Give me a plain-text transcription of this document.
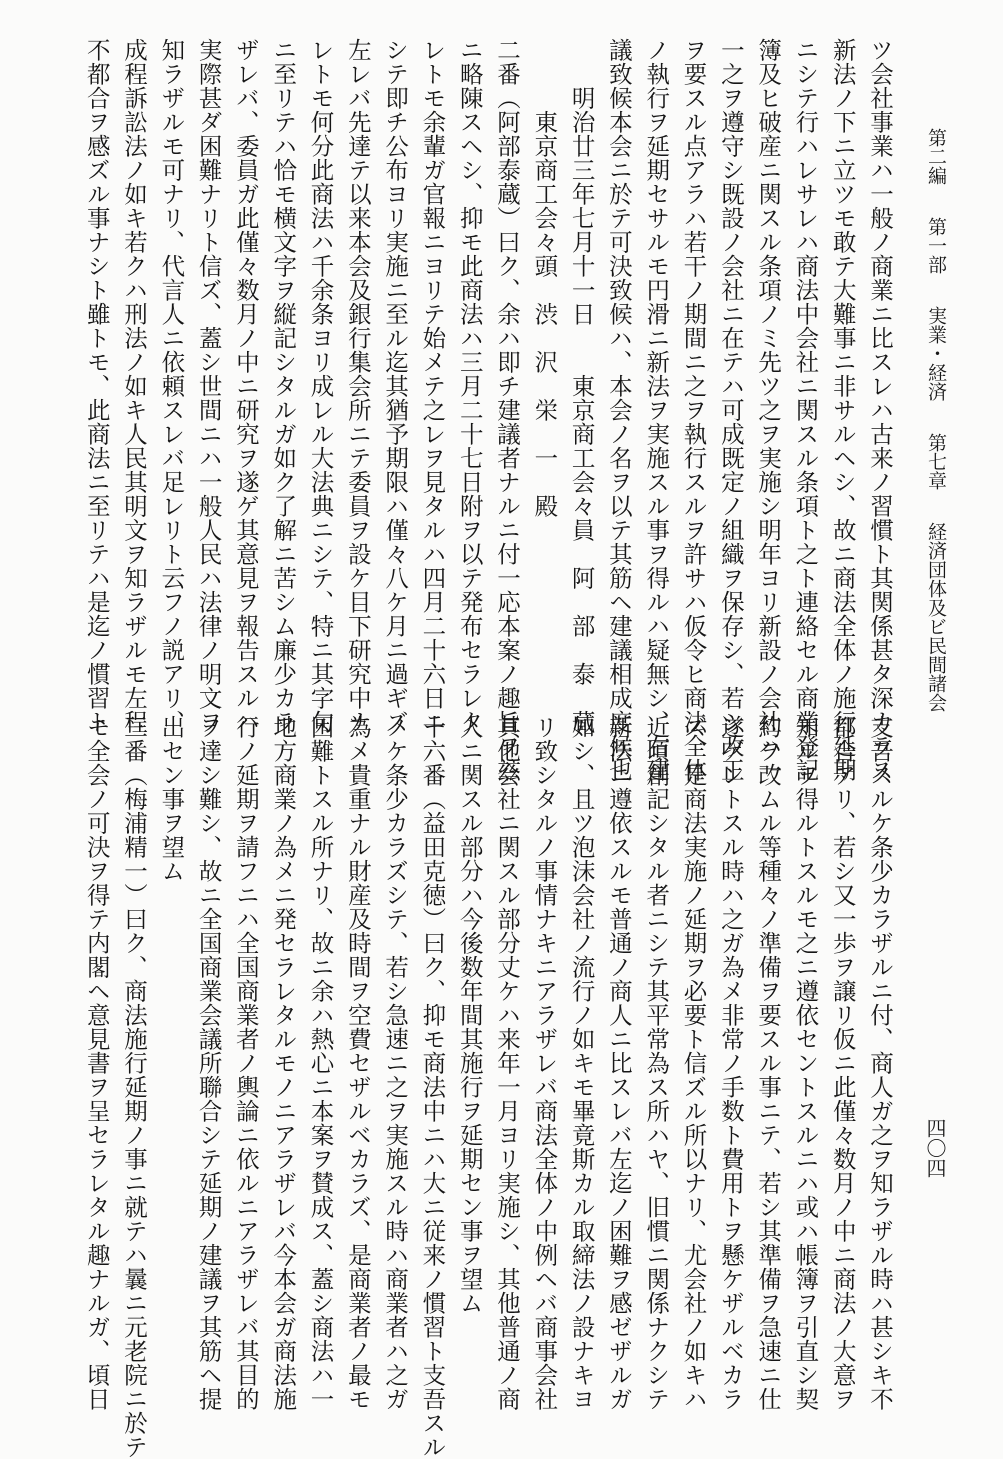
第二編 第一部 実業・経済 第七章 経済団体及ビ民間諸会
四〇四
ツ会社事業ハ一般ノ商業ニ比スレハ古来ノ習慣ト其関係甚タ深カラス
新法ノ下ニ立ツモ敢テ大難事ニ非サルヘシ、故ニ商法全体ノ施行延期
ニシテ行ハレサレハ商法中会社ニ関スル条項ト之ト連絡セル商業登記
簿及ヒ破産ニ関スル条項ノミ先ツ之ヲ実施シ明年ヨリ新設ノ会社ハ一
一之ヲ遵守シ既設ノ会社ニ在テハ可成既定ノ組織ヲ保存シ、若シ改正
ヲ要スル点アラハ若干ノ期間ニ之ヲ執行スルヲ許サハ仮令ヒ商法全体
ノ執行ヲ延期セサルモ円滑ニ新法ヲ実施スル事ヲ得ルハ疑無シ、右建
議致候本会ニ於テ可決致候ハ、本会ノ名ヲ以テ其筋ヘ建議相成度候也
　　明治廿三年七月十一日　　東京商工会々員　阿　部　泰　蔵
　　　東京商工会々頭　渋　沢　栄　一　殿
二番（阿部泰蔵）曰ク、余ハ即チ建議者ナルニ付一応本案ノ趣旨ヲ玆
ニ略陳スヘシ、抑モ此商法ハ三月二十七日附ヲ以テ発布セラレタ
レトモ余輩ガ官報ニヨリテ始メテ之レヲ見タルハ四月二十六日ニ
シテ即チ公布ヨリ実施ニ至ル迄其猶予期限ハ僅々八ケ月ニ過ギズ
左レバ先達テ以来本会及銀行集会所ニテ委員ヲ設ケ目下研究中ナ
レトモ何分此商法ハ千余条ヨリ成レル大法典ニシテ、特ニ其字句
ニ至リテハ恰モ横文字ヲ縦記シタルガ如ク了解ニ苦シム廉少カラ
ザレバ、委員ガ此僅々数月ノ中ニ研究ヲ遂ゲ其意見ヲ報告スルハ
実際甚ダ困難ナリト信ズ、蓋シ世間ニハ一般人民ハ法律ノ明文ヲ
知ラザルモ可ナリ、代言人ニ依頼スレバ足レリト云フノ説アリ、
成程訴訟法ノ如キ若クハ刑法ノ如キ人民其明文ヲ知ラザルモ左程
不都合ヲ感ズル事ナシト雖トモ、此商法ニ至リテハ是迄ノ慣習ト
支吾スルケ条少カラザルニ付、商人ガ之ヲ知ラザル時ハ甚シキ不
都合アリ、若シ又一歩ヲ譲リ仮ニ此僅々数月ノ中ニ商法ノ大意ヲ
知ルヲ得ルトスルモ之ニ遵依セントスルニハ或ハ帳簿ヲ引直シ契
約ヲ改ムル等種々ノ準備ヲ要スル事ニテ、若シ其準備ヲ急速ニ仕
遂ゲントスル時ハ之ガ為メ非常ノ手数ト費用トヲ懸ケザルベカラ
ズ、是商法実施ノ延期ヲ必要ト信ズル所以ナリ、尤会社ノ如キハ
近頃創記シタル者ニシテ其平常為ス所ハヤ、旧慣ニ関係ナクシテ
新法ニ遵依スルモ普通ノ商人ニ比スレバ左迄ノ困難ヲ感ゼザルガ
如シ、且ツ泡沫会社ノ流行ノ如キモ畢竟斯カル取締法ノ設ナキヨ
リ致シタルノ事情ナキニアラザレバ商法全体ノ中例ヘバ商事会社
其他会社ニ関スル部分丈ケハ来年一月ヨリ実施シ、其他普通ノ商
人ニ関スル部分ハ今後数年間其施行ヲ延期セン事ヲ望ム
十六番（益田克徳）曰ク、抑モ商法中ニハ大ニ従来ノ慣習ト支吾スル
ノケ条少カラズシテ、若シ急速ニ之ヲ実施スル時ハ商業者ハ之ガ
為メ貴重ナル財産及時間ヲ空費セザルベカラズ、是商業者ノ最モ
困難トスル所ナリ、故ニ余ハ熱心ニ本案ヲ賛成ス、蓋シ商法ハ一
地方商業ノ為メニ発セラレタルモノニアラザレバ今本会ガ商法施
行ノ延期ヲ請フニハ全国商業者ノ輿論ニ依ルニアラザレバ其目的
ヲ達シ難シ、故ニ全国商業会議所聯合シテ延期ノ建議ヲ其筋ヘ提
出セン事ヲ望ム
三番（梅浦精一）曰ク、商法施行延期ノ事ニ就テハ曩ニ元老院ニ於テ
モ全会ノ可決ヲ得テ内閣ヘ意見書ヲ呈セラレタル趣ナルガ、頃日
